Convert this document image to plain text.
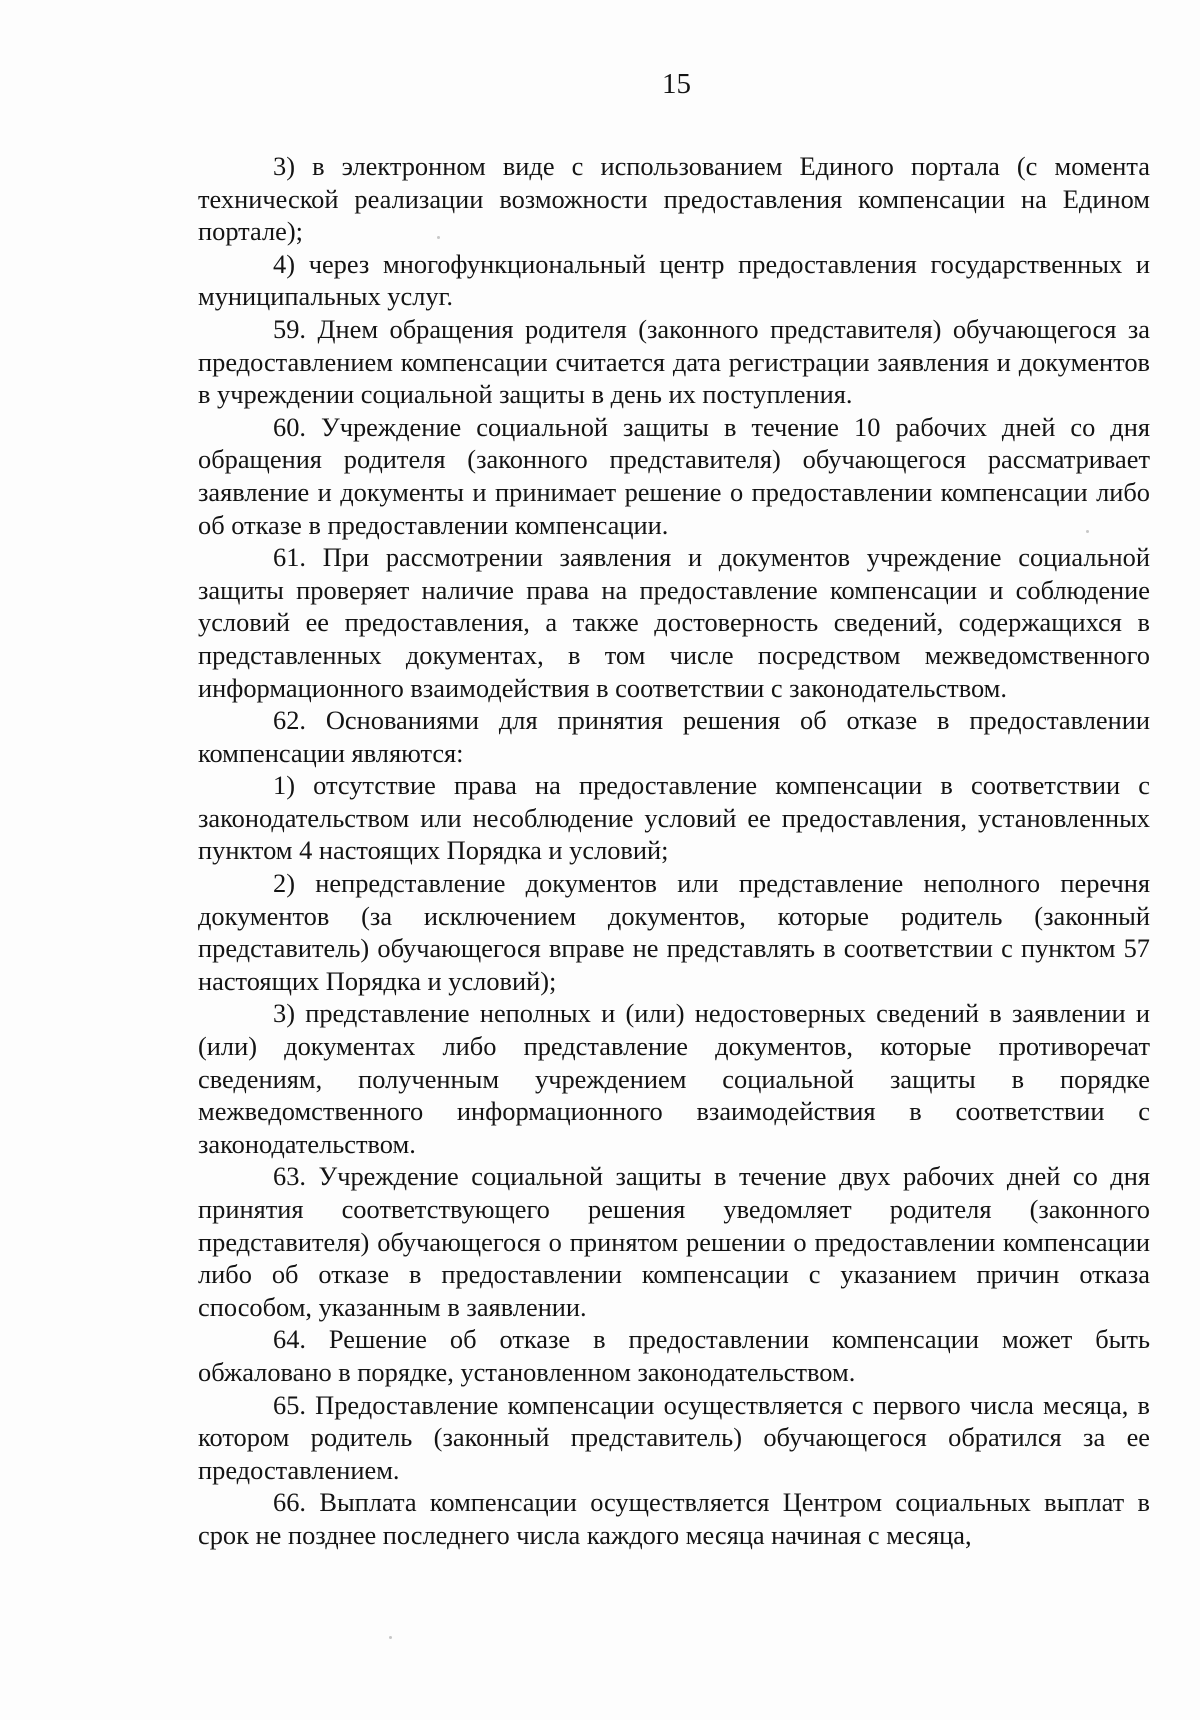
15

3) в электронном виде с использованием Единого портала (с момента технической реализации возможности предоставления компенсации на Едином портале);

4) через многофункциональный центр предоставления государственных и муниципальных услуг.

59. Днем обращения родителя (законного представителя) обучающегося за предоставлением компенсации считается дата регистрации заявления и документов в учреждении социальной защиты в день их поступления.

60. Учреждение социальной защиты в течение 10 рабочих дней со дня обращения родителя (законного представителя) обучающегося рассматривает заявление и документы и принимает решение о предоставлении компенсации либо об отказе в предоставлении компенсации.

61. При рассмотрении заявления и документов учреждение социальной защиты проверяет наличие права на предоставление компенсации и соблюдение условий ее предоставления, а также достоверность сведений, содержащихся в представленных документах, в том числе посредством межведомственного информационного взаимодействия в соответствии с законодательством.

62. Основаниями для принятия решения об отказе в предоставлении компенсации являются:

1) отсутствие права на предоставление компенсации в соответствии с законодательством или несоблюдение условий ее предоставления, установленных пунктом 4 настоящих Порядка и условий;

2) непредставление документов или представление неполного перечня документов (за исключением документов, которые родитель (законный представитель) обучающегося вправе не представлять в соответствии с пунктом 57 настоящих Порядка и условий);

3) представление неполных и (или) недостоверных сведений в заявлении и (или) документах либо представление документов, которые противоречат сведениям, полученным учреждением социальной защиты в порядке межведомственного информационного взаимодействия в соответствии с законодательством.

63. Учреждение социальной защиты в течение двух рабочих дней со дня принятия соответствующего решения уведомляет родителя (законного представителя) обучающегося о принятом решении о предоставлении компенсации либо об отказе в предоставлении компенсации с указанием причин отказа способом, указанным в заявлении.

64. Решение об отказе в предоставлении компенсации может быть обжаловано в порядке, установленном законодательством.

65. Предоставление компенсации осуществляется с первого числа месяца, в котором родитель (законный представитель) обучающегося обратился за ее предоставлением.

66. Выплата компенсации осуществляется Центром социальных выплат в срок не позднее последнего числа каждого месяца начиная с месяца,
